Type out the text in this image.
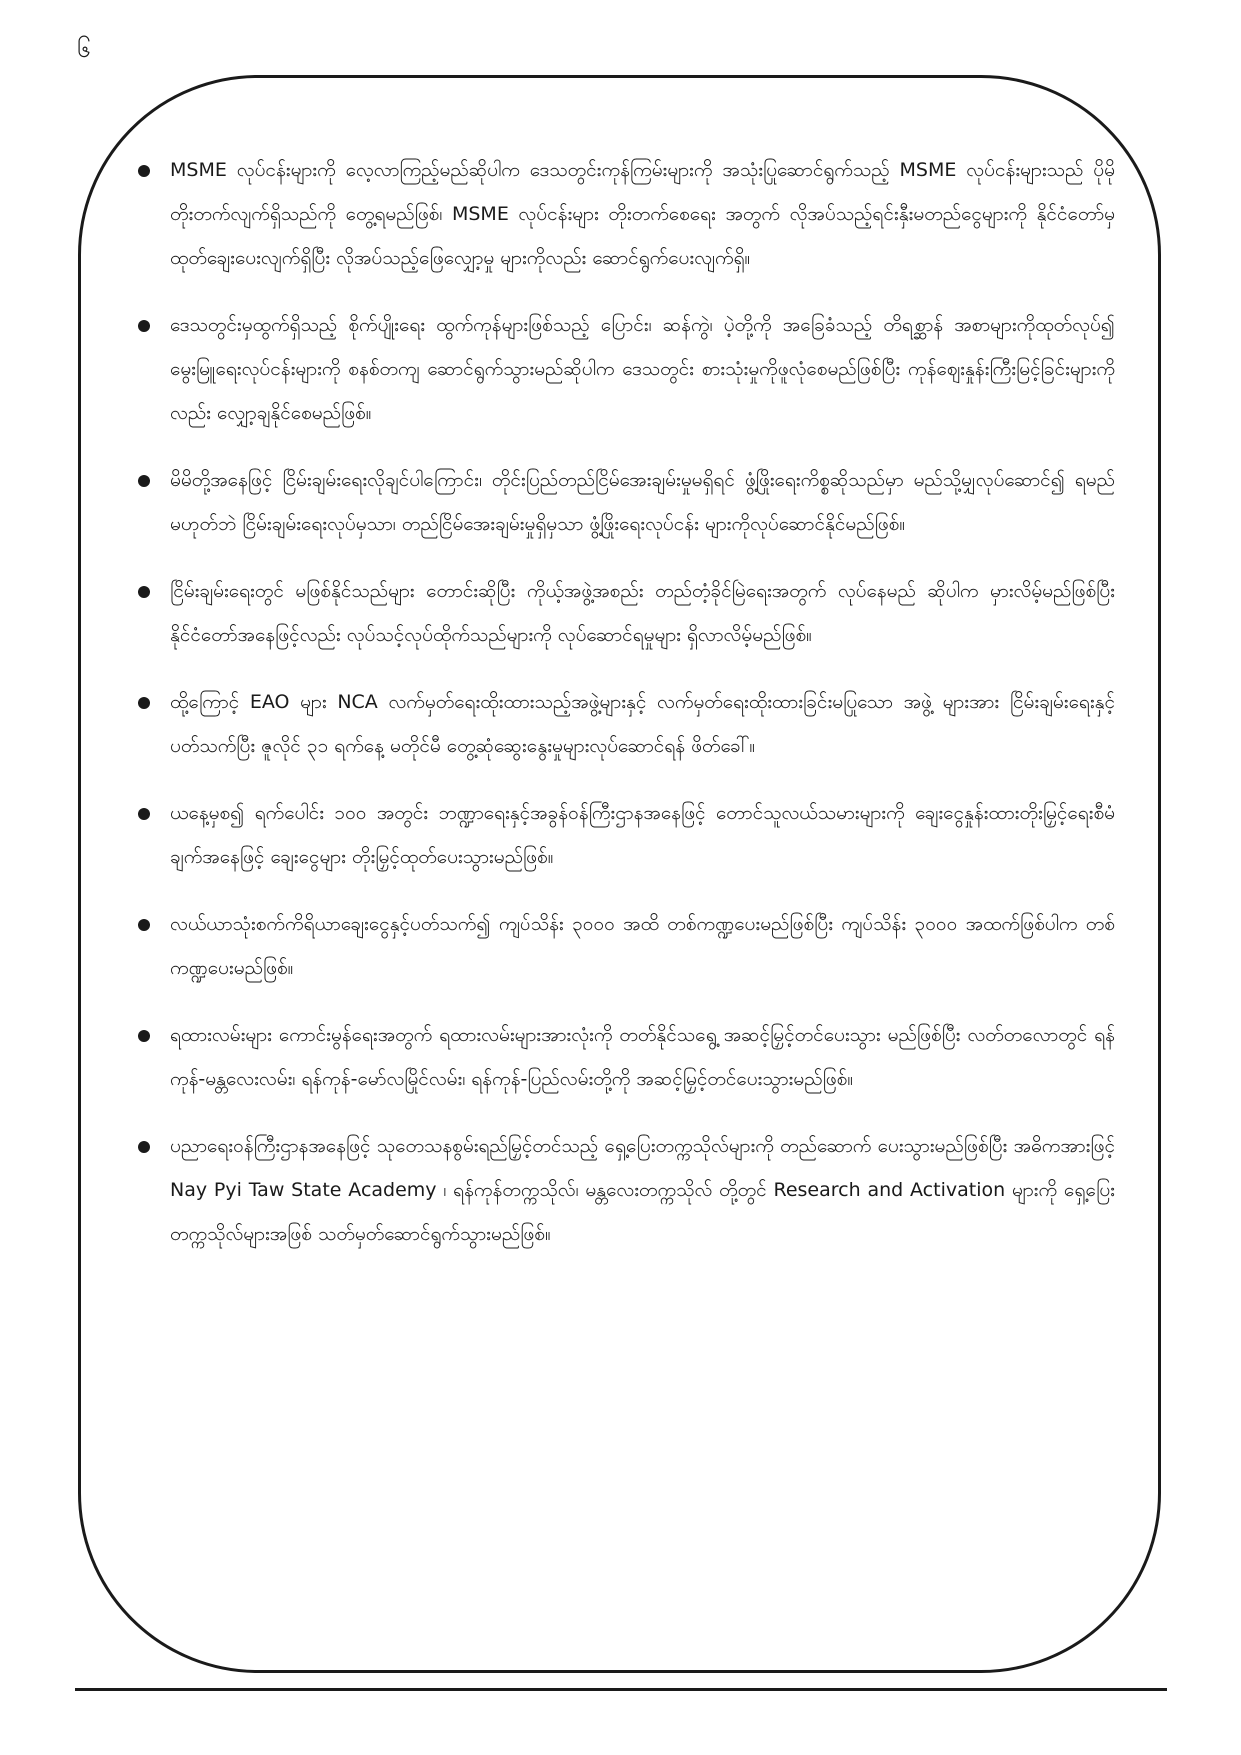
၆
MSME လုပ်ငန်းများကို လေ့လာကြည့်မည်ဆိုပါက ဒေသတွင်းကုန်ကြမ်းများကို အသုံးပြုဆောင်ရွက်သည့် MSME လုပ်ငန်းများသည် ပိုမိုတိုးတက်လျက်ရှိသည်ကို တွေ့ရမည်ဖြစ်၊ MSME လုပ်ငန်းများ တိုးတက်စေရေး အတွက် လိုအပ်သည့်ရင်းနှီးမတည်ငွေများကို နိုင်ငံတော်မှ ထုတ်ချေးပေးလျက်ရှိပြီး လိုအပ်သည့်ဖြေလျှော့မှု များကိုလည်း ဆောင်ရွက်ပေးလျက်ရှိ။
ဒေသတွင်းမှထွက်ရှိသည့် စိုက်ပျိုးရေး ထွက်ကုန်များဖြစ်သည့် ပြောင်း၊ ဆန်ကွဲ၊ ပဲ့တို့ကို အခြေခံသည့် တိရစ္ဆာန် အစာများကိုထုတ်လုပ်၍ မွေးမြူရေးလုပ်ငန်းများကို စနစ်တကျ ဆောင်ရွက်သွားမည်ဆိုပါက ဒေသတွင်း စားသုံးမှုကိုဖူလုံစေမည်ဖြစ်ပြီး ကုန်ဈေးနှုန်းကြီးမြင့်ခြင်းများကိုလည်း လျှော့ချနိုင်စေမည်ဖြစ်။
မိမိတို့အနေဖြင့် ငြိမ်းချမ်းရေးလိုချင်ပါကြောင်း၊ တိုင်းပြည်တည်ငြိမ်အေးချမ်းမှုမရှိရင် ဖွံ့ဖြိုးရေးကိစ္စဆိုသည်မှာ မည်သို့မျှလုပ်ဆောင်၍ ရမည်မဟုတ်ဘဲ ငြိမ်းချမ်းရေးလုပ်မှသာ၊ တည်ငြိမ်အေးချမ်းမှုရှိမှသာ ဖွံ့ဖြိုးရေးလုပ်ငန်း များကိုလုပ်ဆောင်နိုင်မည်ဖြစ်။
ငြိမ်းချမ်းရေးတွင် မဖြစ်နိုင်သည်များ တောင်းဆိုပြီး ကိုယ့်အဖွဲ့အစည်း တည်တံ့ခိုင်မြဲရေးအတွက် လုပ်နေမည် ဆိုပါက မှားလိမ့်မည်ဖြစ်ပြီး နိုင်ငံတော်အနေဖြင့်လည်း လုပ်သင့်လုပ်ထိုက်သည်များကို လုပ်ဆောင်ရမှုများ ရှိလာလိမ့်မည်ဖြစ်။
ထို့ကြောင့် EAO များ NCA လက်မှတ်ရေးထိုးထားသည့်အဖွဲ့များနှင့် လက်မှတ်ရေးထိုးထားခြင်းမပြုသော အဖွဲ့ များအား ငြိမ်းချမ်းရေးနှင့်ပတ်သက်ပြီး ဇူလိုင် ၃၁ ရက်နေ့ မတိုင်မီ တွေ့ဆုံဆွေးနွေးမှုများလုပ်ဆောင်ရန် ဖိတ်ခေါ်။
ယနေ့မှစ၍ ရက်ပေါင်း ၁၀၀ အတွင်း ဘဏ္ဍာရေးနှင့်အခွန်ဝန်ကြီးဌာနအနေဖြင့် တောင်သူလယ်သမားများကို ချေးငွေနှုန်းထားတိုးမြှင့်ရေးစီမံချက်အနေဖြင့် ချေးငွေများ တိုးမြှင့်ထုတ်ပေးသွားမည်ဖြစ်။
လယ်ယာသုံးစက်ကိရိယာချေးငွေနှင့်ပတ်သက်၍ ကျပ်သိန်း ၃၀၀၀ အထိ တစ်ကဏ္ဍပေးမည်ဖြစ်ပြီး ကျပ်သိန်း ၃၀၀၀ အထက်ဖြစ်ပါက တစ်ကဏ္ဍပေးမည်ဖြစ်။
ရထားလမ်းများ ကောင်းမွန်ရေးအတွက် ရထားလမ်းများအားလုံးကို တတ်နိုင်သရွေ့ အဆင့်မြှင့်တင်ပေးသွား မည်ဖြစ်ပြီး လတ်တလောတွင် ရန်ကုန်-မန္တလေးလမ်း၊ ရန်ကုန်-မော်လမြိုင်လမ်း၊ ရန်ကုန်-ပြည်လမ်းတို့ကို အဆင့်မြှင့်တင်ပေးသွားမည်ဖြစ်။
ပညာရေးဝန်ကြီးဌာနအနေဖြင့် သုတေသနစွမ်းရည်မြှင့်တင်သည့် ရှေ့ပြေးတက္ကသိုလ်များကို တည်ဆောက် ပေးသွားမည်ဖြစ်ပြီး အဓိကအားဖြင့် Nay Pyi Taw State Academy ၊ ရန်ကုန်တက္ကသိုလ်၊ မန္တလေးတက္ကသိုလ် တို့တွင် Research and Activation များကို ရှေ့ပြေးတက္ကသိုလ်များအဖြစ် သတ်မှတ်ဆောင်ရွက်သွားမည်ဖြစ်။
